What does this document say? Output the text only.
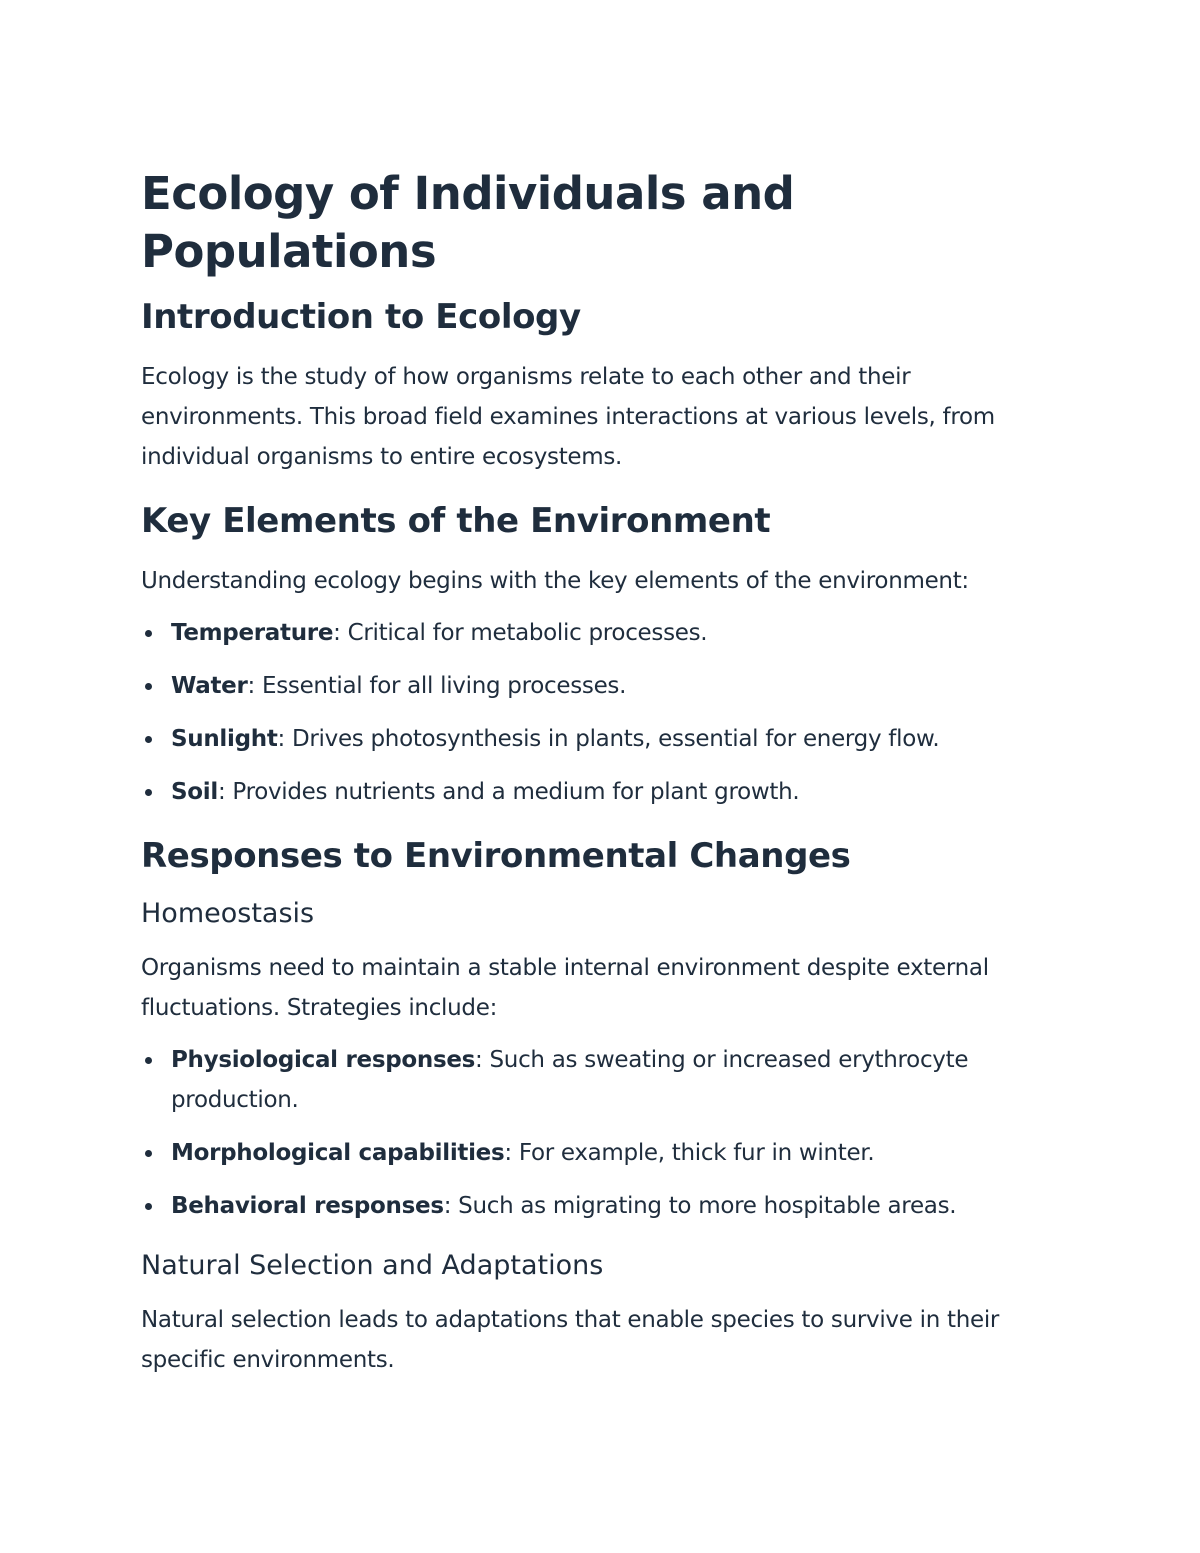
Ecology of Individuals and Populations
Introduction to Ecology

Ecology is the study of how organisms relate to each other and their environments. This broad field examines interactions at various levels, from individual organisms to entire ecosystems.

Key Elements of the Environment

Understanding ecology begins with the key elements of the environment:

Temperature: Critical for metabolic processes.
Water: Essential for all living processes.
Sunlight: Drives photosynthesis in plants, essential for energy flow.
Soil: Provides nutrients and a medium for plant growth.
Responses to Environmental Changes
Homeostasis

Organisms need to maintain a stable internal environment despite external fluctuations. Strategies include:

Physiological responses: Such as sweating or increased erythrocyte production.
Morphological capabilities: For example, thick fur in winter.
Behavioral responses: Such as migrating to more hospitable areas.
Natural Selection and Adaptations

Natural selection leads to adaptations that enable species to survive in their specific environments.
